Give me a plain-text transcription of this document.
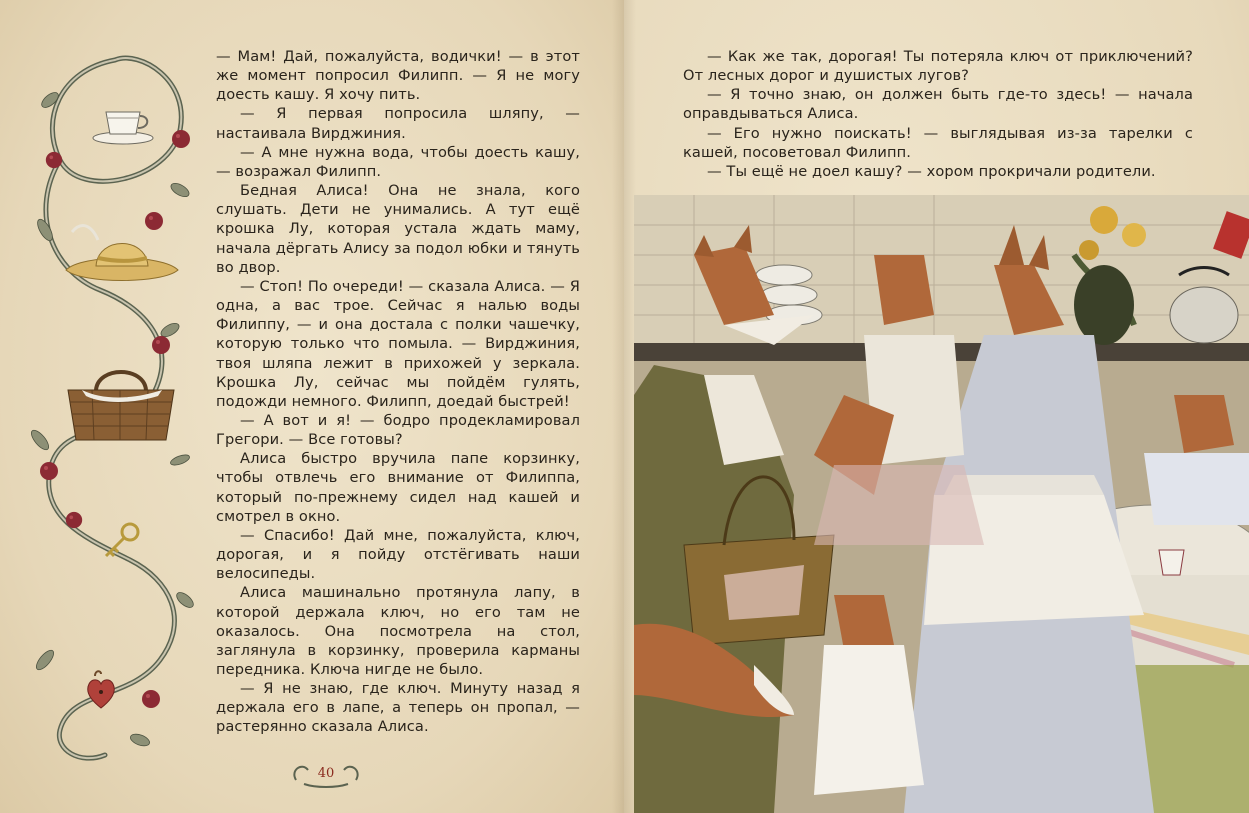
— Мам! Дай, пожалуйста, водички! — в этот же момент попросил Филипп. — Я не могу доесть кашу. Я хочу пить.

— Я первая попросила шляпу, — настаивала Вирджиния.

— А мне нужна вода, чтобы доесть кашу, — возражал Филипп.

Бедная Алиса! Она не знала, кого слушать. Дети не унимались. А тут ещё крошка Лу, которая устала ждать маму, начала дёргать Алису за подол юбки и тянуть во двор.

— Стоп! По очереди! — сказала Алиса. — Я одна, а вас трое. Сейчас я налью воды Филиппу, — и она достала с полки чашечку, которую только что помыла. — Вирджиния, твоя шляпа лежит в прихожей у зеркала. Крошка Лу, сейчас мы пойдём гулять, подожди немного. Филипп, доедай быстрей!

— А вот и я! — бодро продекламировал Грегори. — Все готовы?

Алиса быстро вручила папе корзинку, чтобы отвлечь его внимание от Филиппа, который по-прежнему сидел над кашей и смотрел в окно.

— Спасибо! Дай мне, пожалуйста, ключ, дорогая, и я пойду отстёгивать наши велосипеды.

Алиса машинально протянула лапу, в которой держала ключ, но его там не оказалось. Она посмотрела на стол, заглянула в корзинку, проверила карманы передника. Ключа нигде не было.

— Я не знаю, где ключ. Минуту назад я держала его в лапе, а теперь он пропал, — растерянно сказала Алиса.

40

— Как же так, дорогая! Ты потеряла ключ от приключений? От лесных дорог и душистых лугов?

— Я точно знаю, он должен быть где-то здесь! — начала оправдываться Алиса.

— Его нужно поискать! — выглядывая из-за тарелки с кашей, посоветовал Филипп.

— Ты ещё не доел кашу? — хором прокричали родители.
